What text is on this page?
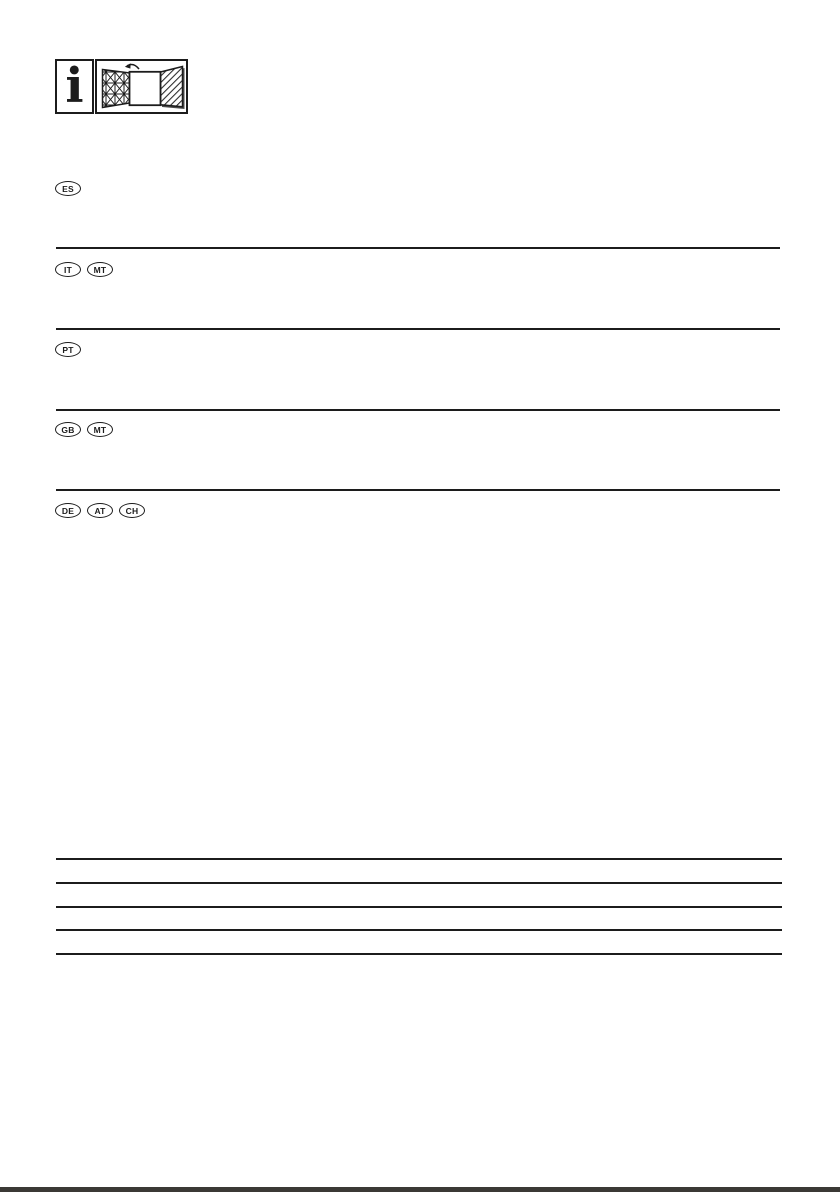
i
ES
IT	MT
PT
GB	MT
DE	AT	CH
